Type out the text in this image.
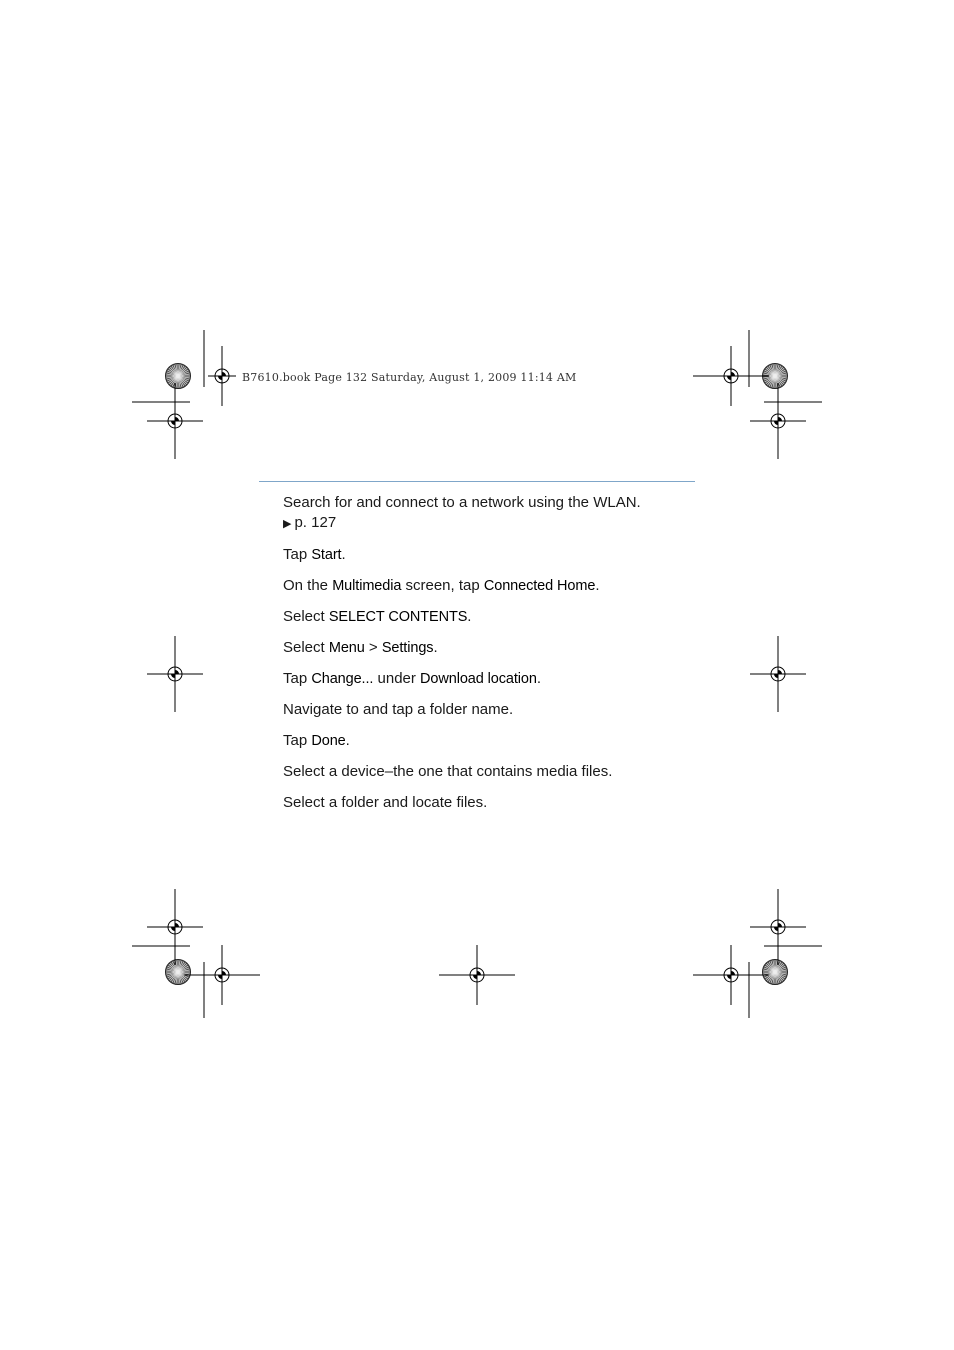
B7610.book Page 132 Saturday, August 1, 2009 11:14 AM
Search for and connect to a network using the WLAN.
▶ p. 127
Tap Start.
On the Multimedia screen, tap Connected Home.
Select SELECT CONTENTS.
Select Menu > Settings.
Tap Change... under Download location.
Navigate to and tap a folder name.
Tap Done.
Select a device–the one that contains media files.
Select a folder and locate files.
